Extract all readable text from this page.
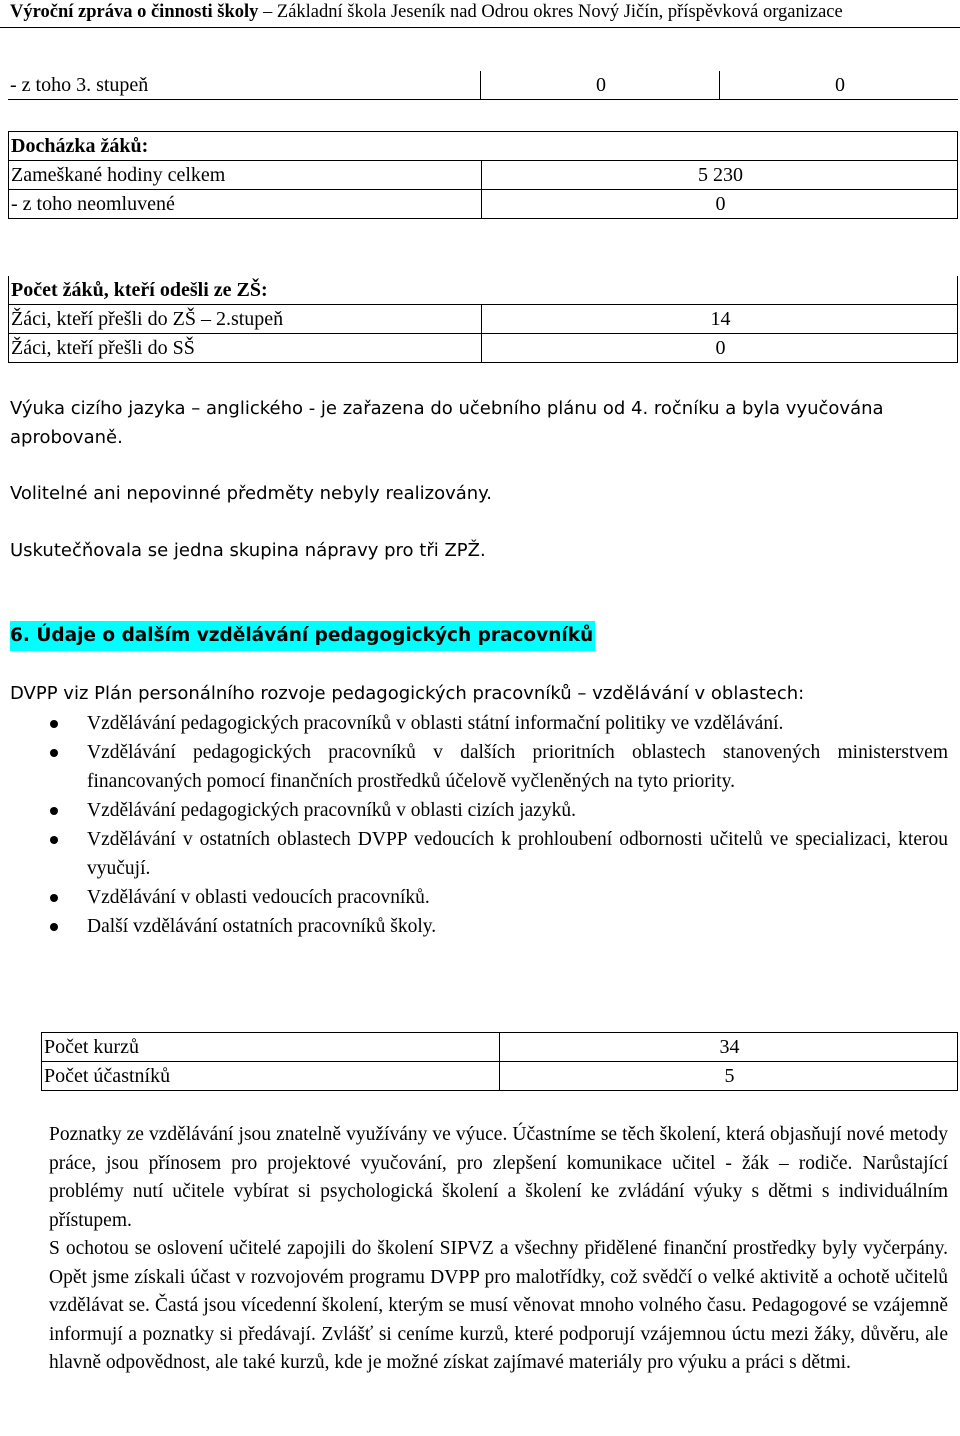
Výroční zpráva o činnosti školy – Základní škola Jeseník nad Odrou okres Nový Jičín, příspěvková organizace
- z toho 3. stupeň	0	0
Docházka žáků:	
Zameškané hodiny celkem	5 230
- z toho neomluvené	0
Počet žáků, kteří odešli ze ZŠ:	
Žáci, kteří přešli do ZŠ – 2.stupeň	14
Žáci, kteří přešli do SŠ	0
Výuka cizího jazyka – anglického - je zařazena do učebního plánu od 4. ročníku a byla vyučována aprobovaně.
Volitelné ani nepovinné předměty nebyly realizovány.
Uskutečňovala se jedna skupina nápravy pro tři ZPŽ.
6. Údaje o dalším vzdělávání pedagogických pracovníků
DVPP viz Plán personálního rozvoje pedagogických pracovníků – vzdělávání v oblastech:
Vzdělávání pedagogických pracovníků v oblasti státní informační politiky ve vzdělávání.
Vzdělávání pedagogických pracovníků v dalších prioritních oblastech stanovených ministerstvem financovaných pomocí finančních prostředků účelově vyčleněných na tyto priority.
Vzdělávání pedagogických pracovníků v oblasti cizích jazyků.
Vzdělávání v ostatních oblastech DVPP vedoucích k prohloubení odbornosti učitelů ve specializaci, kterou vyučují.
Vzdělávání v oblasti vedoucích pracovníků.
Další vzdělávání ostatních pracovníků školy.
Počet kurzů	34
Počet účastníků	5
Poznatky ze vzdělávání jsou znatelně využívány ve výuce. Účastníme se těch školení, která objasňují nové metody práce, jsou přínosem pro projektové vyučování, pro zlepšení komunikace učitel - žák – rodiče. Narůstající problémy nutí učitele vybírat si psychologická školení a školení ke zvládání výuky s dětmi s individuálním přístupem.
S ochotou se oslovení učitelé zapojili do školení SIPVZ a všechny přidělené finanční prostředky byly vyčerpány. Opět jsme získali účast v rozvojovém programu DVPP pro malotřídky, což svědčí o velké aktivitě a ochotě učitelů vzdělávat se. Častá jsou vícedenní školení, kterým se musí věnovat mnoho volného času. Pedagogové se vzájemně informují a poznatky si předávají. Zvlášť si ceníme kurzů, které podporují vzájemnou úctu mezi žáky, důvěru, ale hlavně odpovědnost, ale také kurzů, kde je možné získat zajímavé materiály pro výuku a práci s dětmi.
